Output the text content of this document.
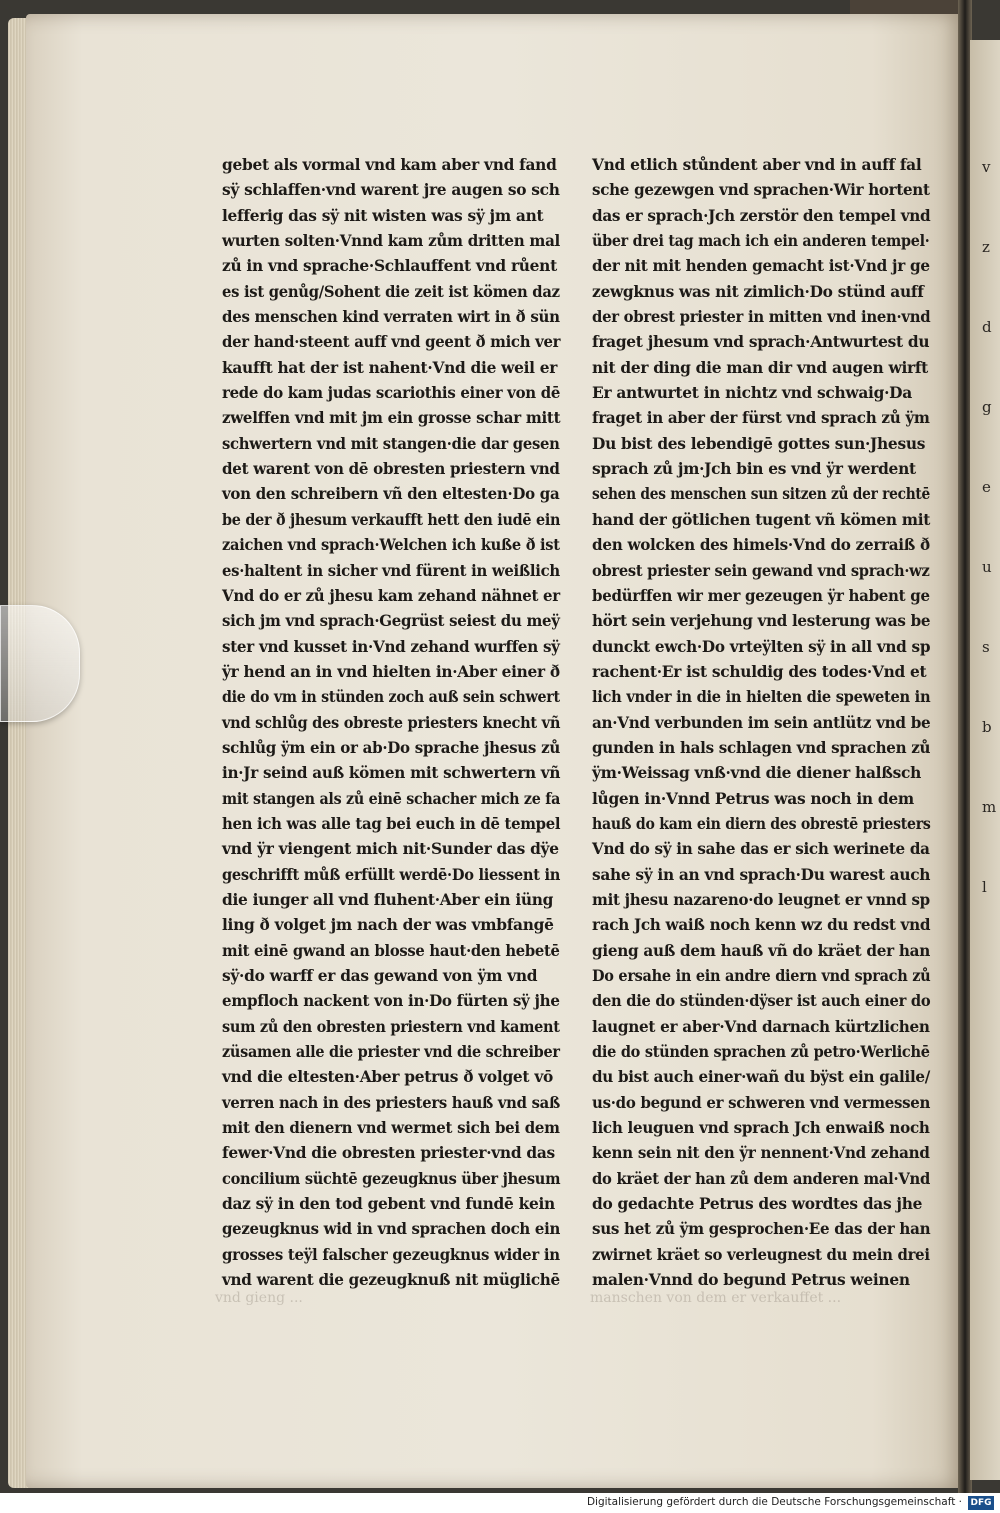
v
z
d
g
e
u
s
b
m
l
gebet als vormal vnd kam aber vnd fand
sÿ schlaffen·vnd warent jre augen so sch
lefferig das sÿ nit wisten was sÿ jm ant
wurten solten·Vnnd kam zům dritten mal
zů in vnd sprache·Schlauffent vnd růent
es ist genůg/Sohent die zeit ist kömen daz
des menschen kind verraten wirt in ð sün
der hand·steent auff vnd geent ð mich ver
kaufft hat der ist nahent·Vnd die weil er
rede do kam judas scariothis einer von dē
zwelffen vnd mit jm ein grosse schar mitt
schwertern vnd mit stangen·die dar gesen
det warent von dē obresten priestern vnd
von den schreibern vñ den eltesten·Do ga
be der ð jhesum verkaufft hett den iudē ein
zaichen vnd sprach·Welchen ich kuße ð ist
es·haltent in sicher vnd fürent in weißlich
Vnd do er zů jhesu kam zehand nähnet er
sich jm vnd sprach·Gegrüst seiest du meÿ
ster vnd kusset in·Vnd zehand wurffen sÿ
ÿr hend an in vnd hielten in·Aber einer ð
die do vm in stünden zoch auß sein schwert
vnd schlůg des obreste priesters knecht vñ
schlůg ÿm ein or ab·Do sprache jhesus zů
in·Jr seind auß kömen mit schwertern vñ
mit stangen als zů einē schacher mich ze fa
hen ich was alle tag bei euch in dē tempel
vnd ÿr viengent mich nit·Sunder das dÿe
geschrifft můß erfüllt werdē·Do liessent in
die iunger all vnd fluhent·Aber ein iüng
ling ð volget jm nach der was vmbfangē
mit einē gwand an blosse haut·den hebetē
sÿ·do warff er das gewand von ÿm vnd
empfloch nackent von in·Do fürten sÿ jhe
sum zů den obresten priestern vnd kament
züsamen alle die priester vnd die schreiber
vnd die eltesten·Aber petrus ð volget vō
verren nach in des priesters hauß vnd saß
mit den dienern vnd wermet sich bei dem
fewer·Vnd die obresten priester·vnd das
concilium süchtē gezeugknus über jhesum
daz sÿ in den tod gebent vnd fundē kein
gezeugknus wid in vnd sprachen doch ein
grosses teÿl falscher gezeugknus wider in
vnd warent die gezeugknuß nit müglichē
Vnd etlich stůndent aber vnd in auff fal
sche gezewgen vnd sprachen·Wir hortent
das er sprach·Jch zerstör den tempel vnd
über drei tag mach ich ein anderen tempel·
der nit mit henden gemacht ist·Vnd jr ge
zewgknus was nit zimlich·Do stünd auff
der obrest priester in mitten vnd inen·vnd
fraget jhesum vnd sprach·Antwurtest du
nit der ding die man dir vnd augen wirft
Er antwurtet in nichtz vnd schwaig·Da
fraget in aber der fürst vnd sprach zů ÿm
Du bist des lebendigē gottes sun·Jhesus
sprach zů jm·Jch bin es vnd ÿr werdent
sehen des menschen sun sitzen zů der rechtē
hand der götlichen tugent vñ kömen mit
den wolcken des himels·Vnd do zerraiß ð
obrest priester sein gewand vnd sprach·wz
bedürffen wir mer gezeugen ÿr habent ge
hört sein verjehung vnd lesterung was be
dunckt ewch·Do vrteÿlten sÿ in all vnd sp
rachent·Er ist schuldig des todes·Vnd et
lich vnder in die in hielten die speweten in
an·Vnd verbunden im sein antlütz vnd be
gunden in hals schlagen vnd sprachen zů
ÿm·Weissag vnß·vnd die diener halßsch
lůgen in·Vnnd Petrus was noch in dem
hauß do kam ein diern des obrestē priesters
Vnd do sÿ in sahe das er sich werinete da
sahe sÿ in an vnd sprach·Du warest auch
mit jhesu nazareno·do leugnet er vnnd sp
rach Jch waiß noch kenn wz du redst vnd
gieng auß dem hauß vñ do kräet der han
Do ersahe in ein andre diern vnd sprach zů
den die do stünden·dÿser ist auch einer do
laugnet er aber·Vnd darnach kürtzlichen
die do stünden sprachen zů petro·Werlichē
du bist auch einer·wañ du bÿst ein galile/
us·do begund er schweren vnd vermessen
lich leuguen vnd sprach Jch enwaiß noch
kenn sein nit den ÿr nennent·Vnd zehand
do kräet der han zů dem anderen mal·Vnd
do gedachte Petrus des wordtes das jhe
sus het zů ÿm gesprochen·Ee das der han
zwirnet kräet so verleugnest du mein drei
malen·Vnnd do begund Petrus weinen
vnd gieng ...	manschen von dem er verkauffet ...
Digitalisierung gefördert durch die Deutsche Forschungsgemeinschaft · DFG
